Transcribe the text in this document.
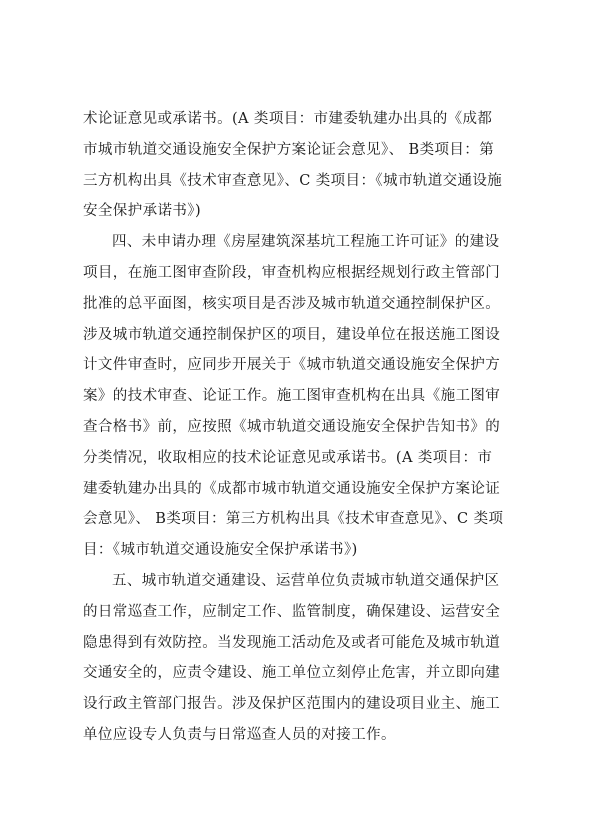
术论证意见或承诺书。(A 类项目：市建委轨建办出具的《成都
市城市轨道交通设施安全保护方案论证会意见》、 B类项目：第
三方机构出具《技术审查意见》、C 类项目：《城市轨道交通设施
安全保护承诺书》)
四、未申请办理《房屋建筑深基坑工程施工许可证》的建设
项目，在施工图审查阶段，审查机构应根据经规划行政主管部门
批准的总平面图，核实项目是否涉及城市轨道交通控制保护区。
涉及城市轨道交通控制保护区的项目，建设单位在报送施工图设
计文件审查时，应同步开展关于《城市轨道交通设施安全保护方
案》的技术审查、论证工作。施工图审查机构在出具《施工图审
查合格书》前，应按照《城市轨道交通设施安全保护告知书》的
分类情况，收取相应的技术论证意见或承诺书。(A 类项目：市
建委轨建办出具的《成都市城市轨道交通设施安全保护方案论证
会意见》、 B类项目：第三方机构出具《技术审查意见》、C 类项
目：《城市轨道交通设施安全保护承诺书》)
五、城市轨道交通建设、运营单位负责城市轨道交通保护区
的日常巡查工作，应制定工作、监管制度，确保建设、运营安全
隐患得到有效防控。当发现施工活动危及或者可能危及城市轨道
交通安全的，应责令建设、施工单位立刻停止危害，并立即向建
设行政主管部门报告。涉及保护区范围内的建设项目业主、施工
单位应设专人负责与日常巡查人员的对接工作。
